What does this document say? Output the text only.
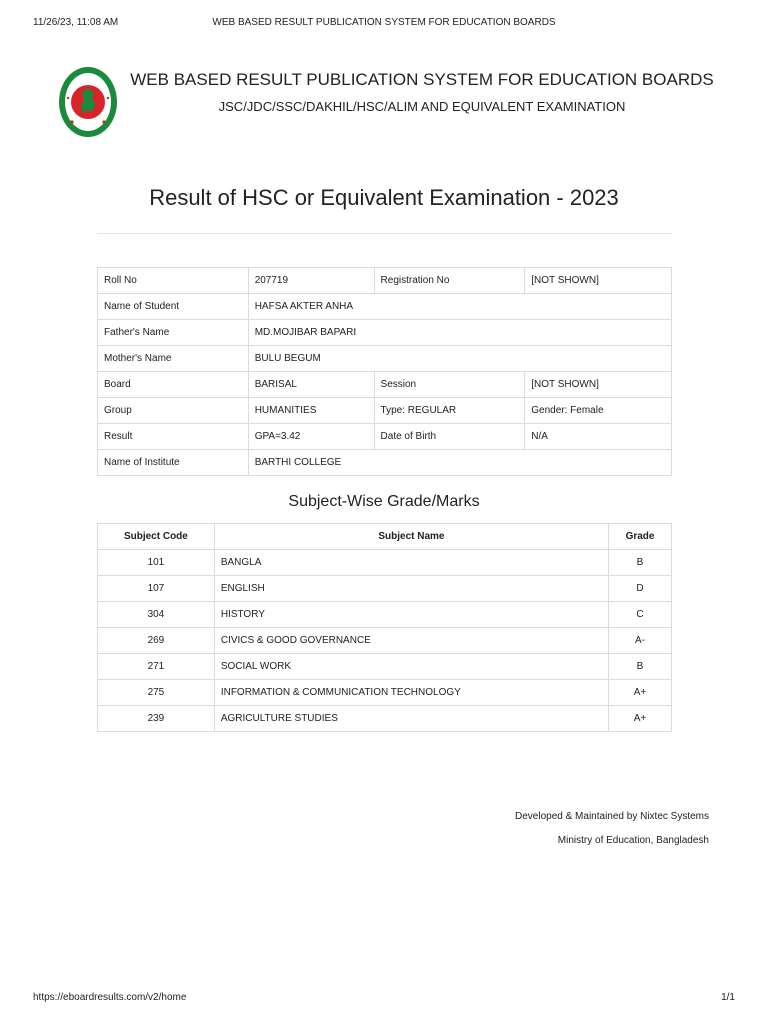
11/26/23, 11:08 AM	WEB BASED RESULT PUBLICATION SYSTEM FOR EDUCATION BOARDS
WEB BASED RESULT PUBLICATION SYSTEM FOR EDUCATION BOARDS
JSC/JDC/SSC/DAKHIL/HSC/ALIM AND EQUIVALENT EXAMINATION
Result of HSC or Equivalent Examination - 2023
Roll No	207719	Registration No	[NOT SHOWN]
Name of Student	HAFSA AKTER ANHA		
Father's Name	MD.MOJIBAR BAPARI		
Mother's Name	BULU BEGUM		
Board	BARISAL	Session	[NOT SHOWN]
Group	HUMANITIES	Type: REGULAR	Gender: Female
Result	GPA=3.42	Date of Birth	N/A
Name of Institute	BARTHI COLLEGE		
Subject-Wise Grade/Marks
Subject Code	Subject Name	Grade
101	BANGLA	B
107	ENGLISH	D
304	HISTORY	C
269	CIVICS & GOOD GOVERNANCE	A-
271	SOCIAL WORK	B
275	INFORMATION & COMMUNICATION TECHNOLOGY	A+
239	AGRICULTURE STUDIES	A+
Developed & Maintained by Nixtec Systems
Ministry of Education, Bangladesh
https://eboardresults.com/v2/home	1/1
